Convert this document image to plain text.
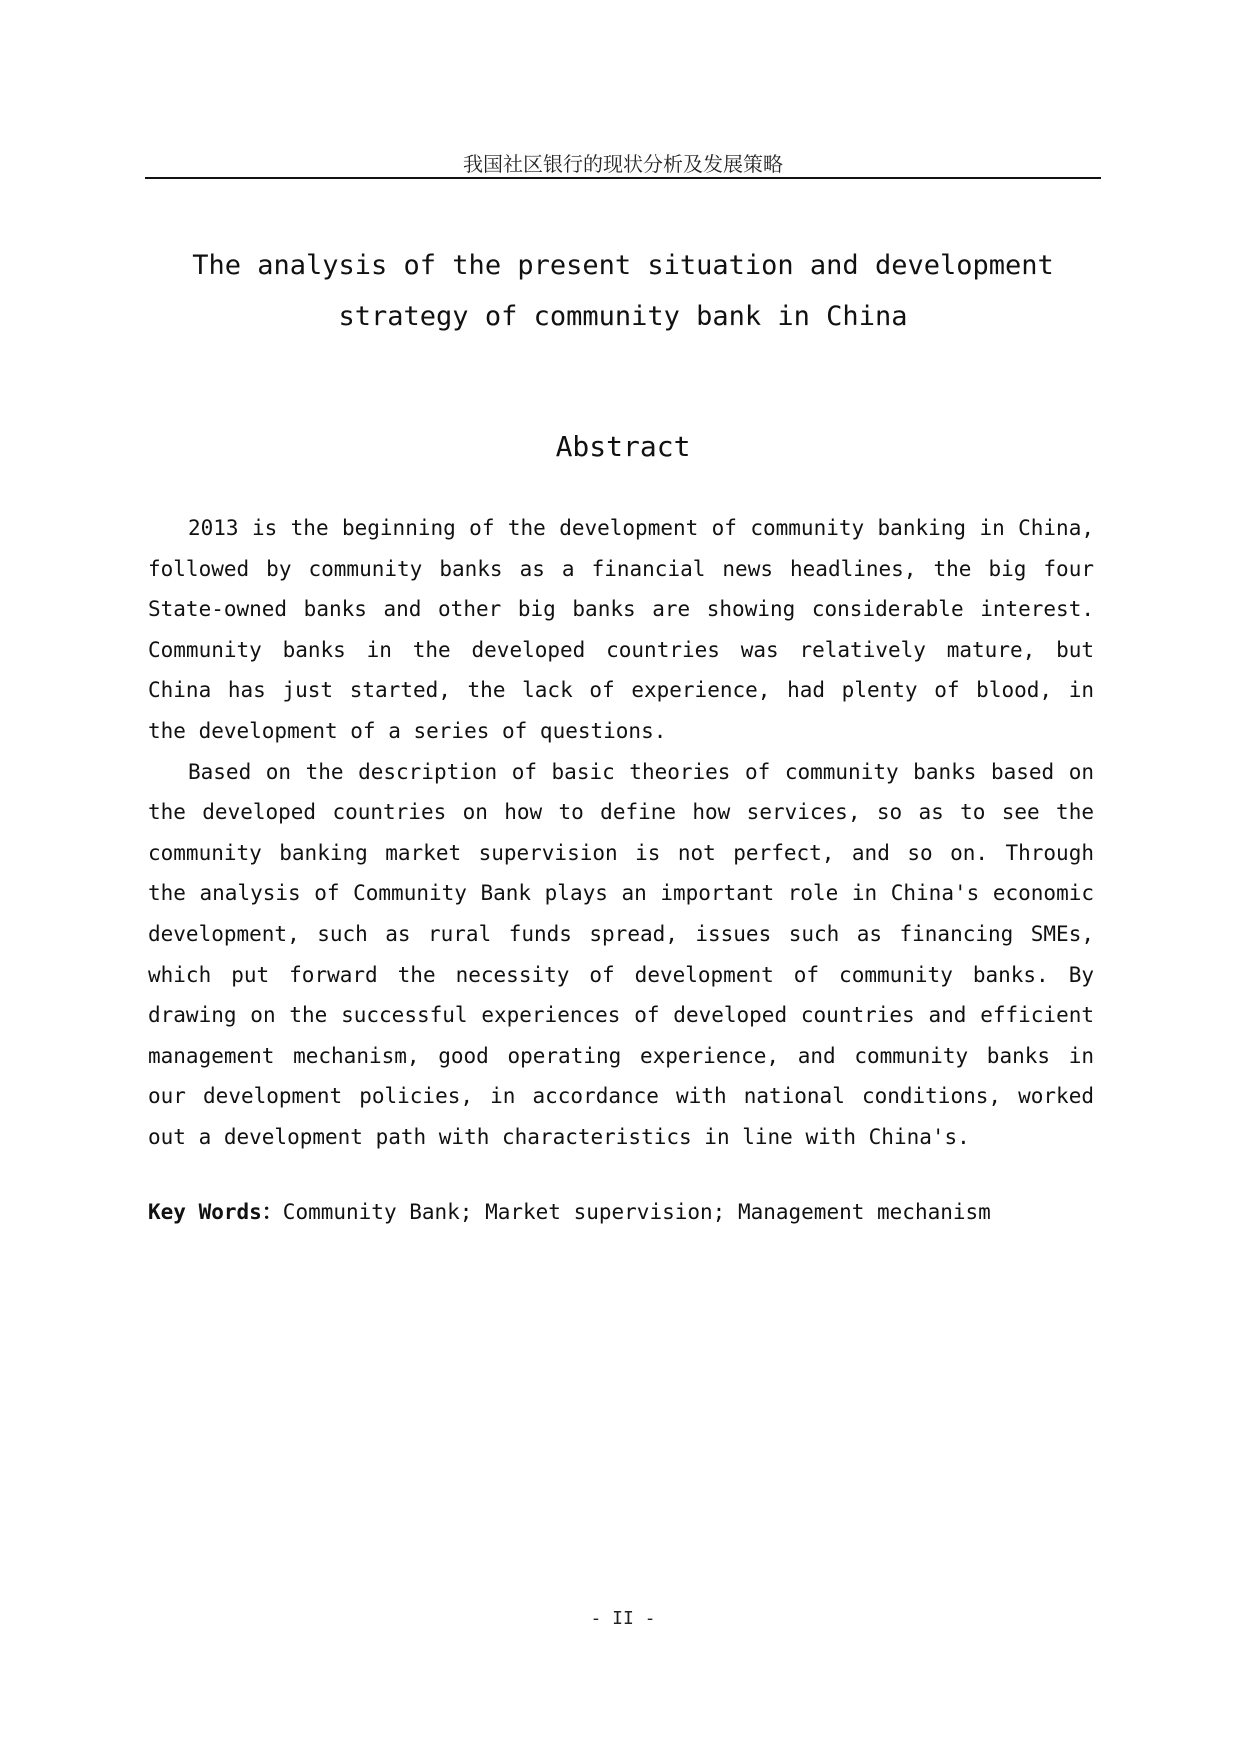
我国社区银行的现状分析及发展策略
The analysis of the present situation and development
strategy of community bank in China
Abstract

2013 is the beginning of the development of community banking in China, followed by community banks as a financial news headlines, the big four State-owned banks and other big banks are showing considerable interest. Community banks in the developed countries was relatively mature, but China has just started, the lack of experience, had plenty of blood, in the development of a series of questions.

Based on the description of basic theories of community banks based on the developed countries on how to define how services, so as to see the community banking market supervision is not perfect, and so on. Through the analysis of Community Bank plays an important role in China's economic development, such as rural funds spread, issues such as financing SMEs, which put forward the necessity of development of community banks. By drawing on the successful experiences of developed countries and efficient management mechanism, good operating experience, and community banks in our development policies, in accordance with national conditions, worked out a development path with characteristics in line with China's.

Key Words：Community Bank; Market supervision; Management mechanism
- II -
